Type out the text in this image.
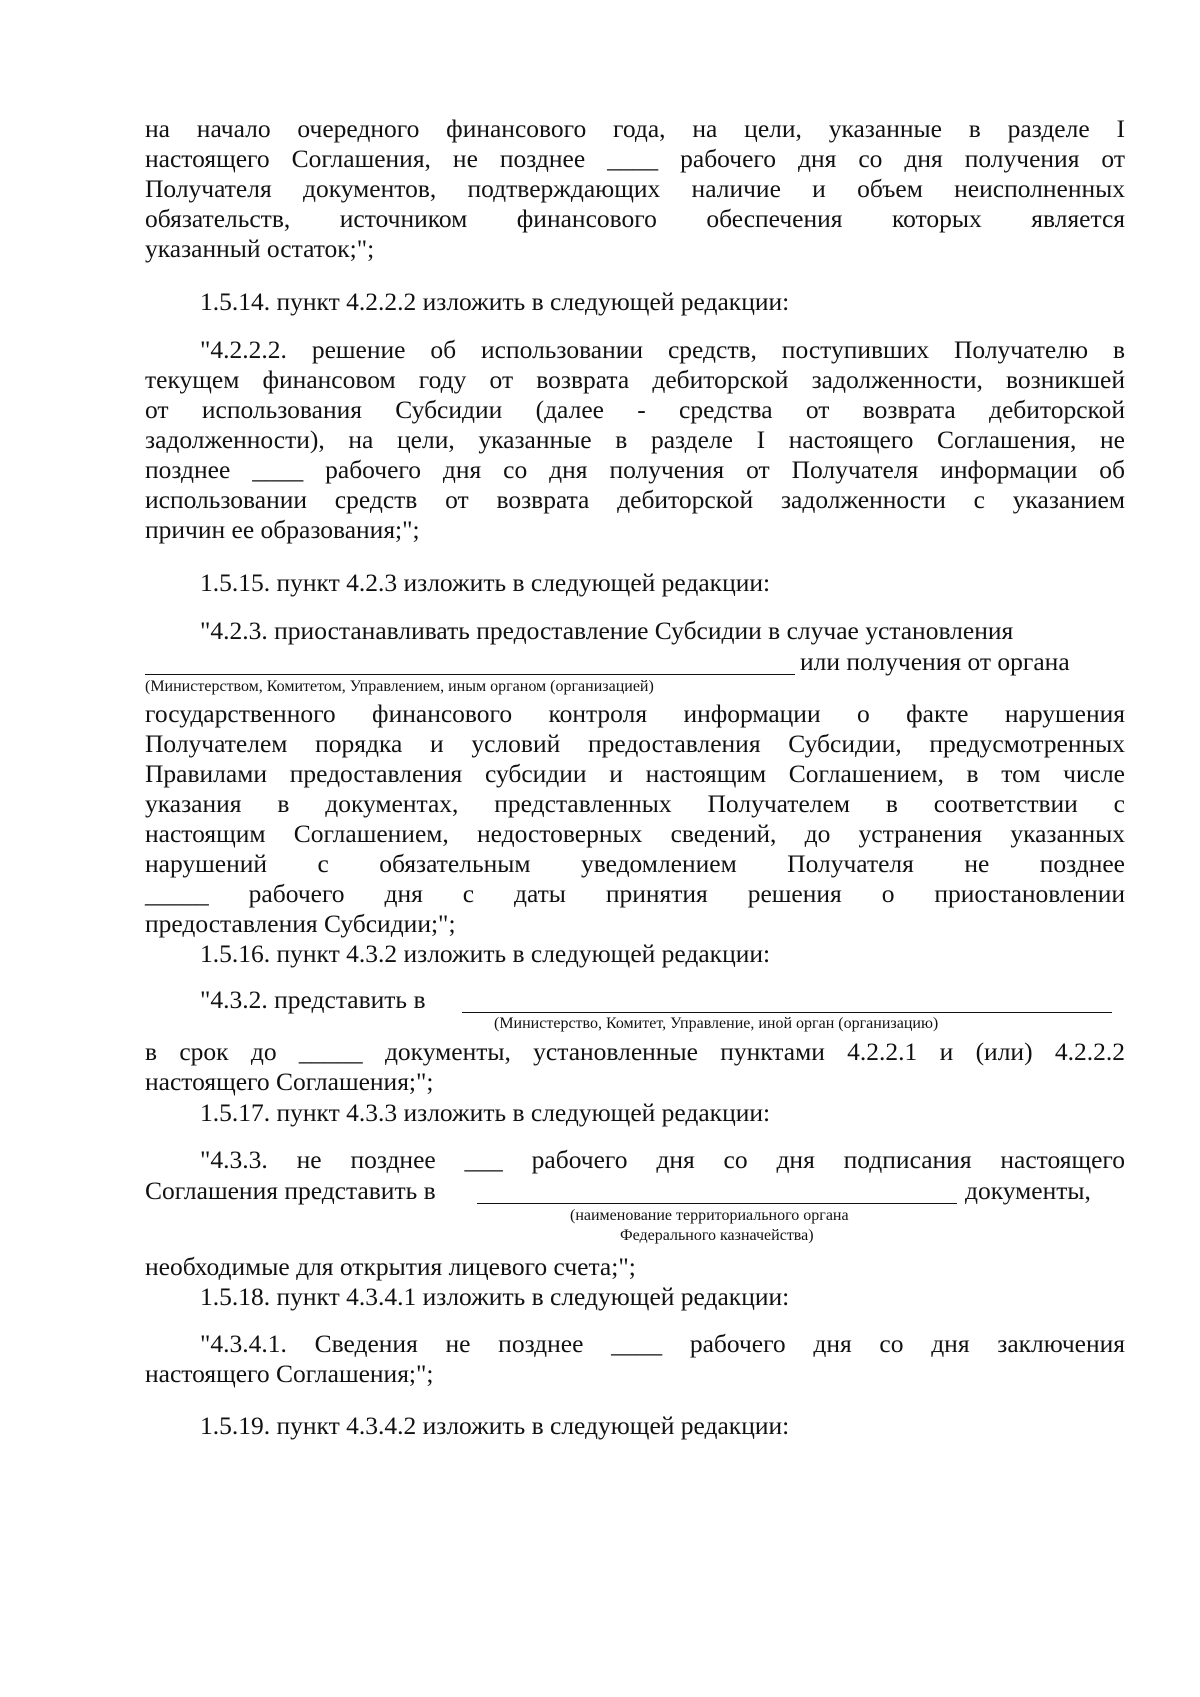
на начало очередного финансового года, на цели, указанные в разделе I

настоящего Соглашения, не позднее ____ рабочего дня со дня получения от

Получателя документов, подтверждающих наличие и объем неисполненных

обязательств, источником финансового обеспечения которых является

указанный остаток;";

1.5.14. пункт 4.2.2.2 изложить в следующей редакции:

"4.2.2.2. решение об использовании средств, поступивших Получателю в

текущем финансовом году от возврата дебиторской задолженности, возникшей

от использования Субсидии (далее - средства от возврата дебиторской

задолженности), на цели, указанные в разделе I настоящего Соглашения, не

позднее ____ рабочего дня со дня получения от Получателя информации об

использовании средств от возврата дебиторской задолженности с указанием

причин ее образования;";

1.5.15. пункт 4.2.3 изложить в следующей редакции:

"4.2.3. приостанавливать предоставление Субсидии в случае установления

или получения от органа

(Министерством, Комитетом, Управлением, иным органом (организацией)

государственного финансового контроля информации о факте нарушения

Получателем порядка и условий предоставления Субсидии, предусмотренных

Правилами предоставления субсидии и настоящим Соглашением, в том числе

указания в документах, представленных Получателем в соответствии с

настоящим Соглашением, недостоверных сведений, до устранения указанных

нарушений с обязательным уведомлением Получателя не позднее

_____ рабочего дня с даты принятия решения о приостановлении

предоставления Субсидии;";

1.5.16. пункт 4.3.2 изложить в следующей редакции:

"4.3.2. представить в

(Министерство, Комитет, Управление, иной орган (организацию)

в срок до _____ документы, установленные пунктами 4.2.2.1 и (или) 4.2.2.2

настоящего Соглашения;";

1.5.17. пункт 4.3.3 изложить в следующей редакции:

"4.3.3. не позднее ___ рабочего дня со дня подписания настоящего

Соглашения представить в	документы,

(наименование территориального органа

Федерального казначейства)

необходимые для открытия лицевого счета;";

1.5.18. пункт 4.3.4.1 изложить в следующей редакции:

"4.3.4.1. Сведения не позднее ____ рабочего дня со дня заключения

настоящего Соглашения;";

1.5.19. пункт 4.3.4.2 изложить в следующей редакции:
